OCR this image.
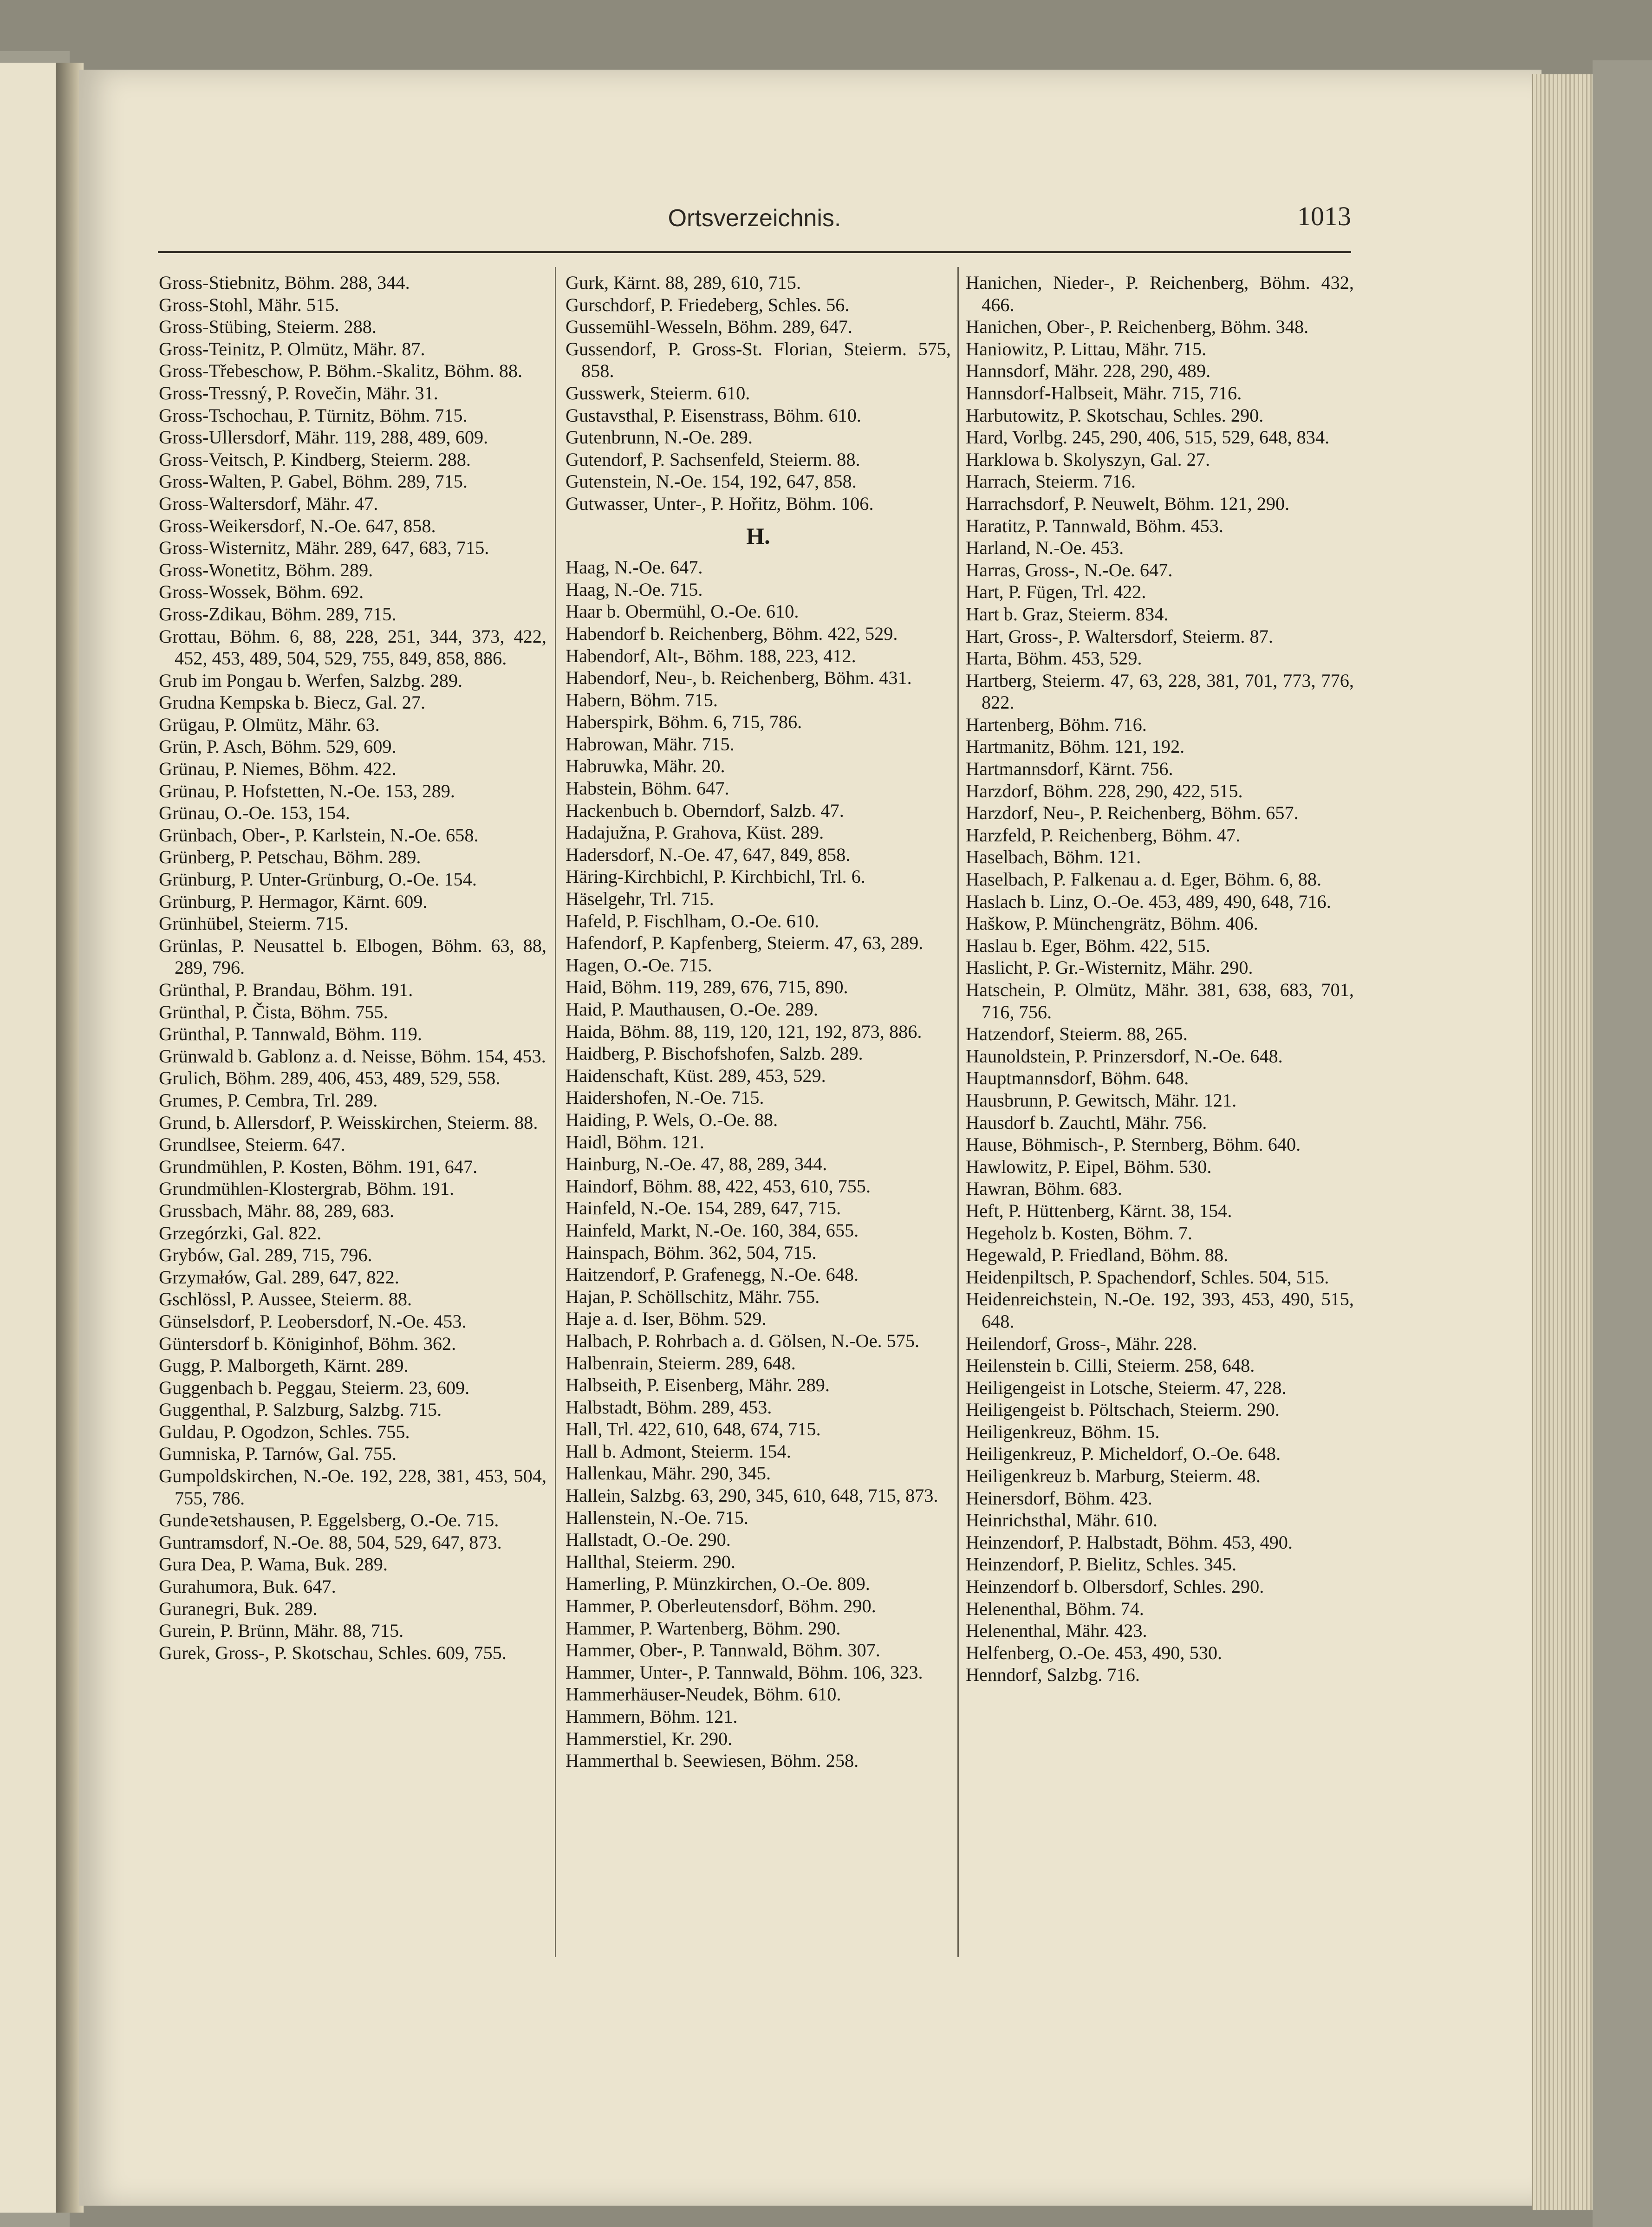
Ortsverzeichnis.	1013
Gross-Stiebnitz, Böhm. 288, 344.
Gross-Stohl, Mähr. 515.
Gross-Stübing, Steierm. 288.
Gross-Teinitz, P. Olmütz, Mähr. 87.
Gross-Třebeschow, P. Böhm.-Skalitz, Böhm. 88.
Gross-Tressný, P. Rovečin, Mähr. 31.
Gross-Tschochau, P. Türnitz, Böhm. 715.
Gross-Ullersdorf, Mähr. 119, 288, 489, 609.
Gross-Veitsch, P. Kindberg, Steierm. 288.
Gross-Walten, P. Gabel, Böhm. 289, 715.
Gross-Waltersdorf, Mähr. 47.
Gross-Weikersdorf, N.-Oe. 647, 858.
Gross-Wisternitz, Mähr. 289, 647, 683, 715.
Gross-Wonetitz, Böhm. 289.
Gross-Wossek, Böhm. 692.
Gross-Zdikau, Böhm. 289, 715.
Grottau, Böhm. 6, 88, 228, 251, 344, 373, 422, 452, 453, 489, 504, 529, 755, 849, 858, 886.
Grub im Pongau b. Werfen, Salzbg. 289.
Grudna Kempska b. Biecz, Gal. 27.
Grügau, P. Olmütz, Mähr. 63.
Grün, P. Asch, Böhm. 529, 609.
Grünau, P. Niemes, Böhm. 422.
Grünau, P. Hofstetten, N.-Oe. 153, 289.
Grünau, O.-Oe. 153, 154.
Grünbach, Ober-, P. Karlstein, N.-Oe. 658.
Grünberg, P. Petschau, Böhm. 289.
Grünburg, P. Unter-Grünburg, O.-Oe. 154.
Grünburg, P. Hermagor, Kärnt. 609.
Grünhübel, Steierm. 715.
Grünlas, P. Neusattel b. Elbogen, Böhm. 63, 88, 289, 796.
Grünthal, P. Brandau, Böhm. 191.
Grünthal, P. Čista, Böhm. 755.
Grünthal, P. Tannwald, Böhm. 119.
Grünwald b. Gablonz a. d. Neisse, Böhm. 154, 453.
Grulich, Böhm. 289, 406, 453, 489, 529, 558.
Grumes, P. Cembra, Trl. 289.
Grund, b. Allersdorf, P. Weisskirchen, Steierm. 88.
Grundlsee, Steierm. 647.
Grundmühlen, P. Kosten, Böhm. 191, 647.
Grundmühlen-Klostergrab, Böhm. 191.
Grussbach, Mähr. 88, 289, 683.
Grzegórzki, Gal. 822.
Grybów, Gal. 289, 715, 796.
Grzymałów, Gal. 289, 647, 822.
Gschlössl, P. Aussee, Steierm. 88.
Günselsdorf, P. Leobersdorf, N.-Oe. 453.
Güntersdorf b. Königinhof, Böhm. 362.
Gugg, P. Malborgeth, Kärnt. 289.
Guggenbach b. Peggau, Steierm. 23, 609.
Guggenthal, P. Salzburg, Salzbg. 715.
Guldau, P. Ogodzon, Schles. 755.
Gumniska, P. Tarnów, Gal. 755.
Gumpoldskirchen, N.-Oe. 192, 228, 381, 453, 504, 755, 786.
Gundeꝛetshausen, P. Eggelsberg, O.-Oe. 715.
Guntramsdorf, N.-Oe. 88, 504, 529, 647, 873.
Gura Dea, P. Wama, Buk. 289.
Gurahumora, Buk. 647.
Guranegri, Buk. 289.
Gurein, P. Brünn, Mähr. 88, 715.
Gurek, Gross-, P. Skotschau, Schles. 609, 755.
Gurk, Kärnt. 88, 289, 610, 715.
Gurschdorf, P. Friedeberg, Schles. 56.
Gussemühl-Wesseln, Böhm. 289, 647.
Gussendorf, P. Gross-St. Florian, Steierm. 575, 858.
Gusswerk, Steierm. 610.
Gustavsthal, P. Eisenstrass, Böhm. 610.
Gutenbrunn, N.-Oe. 289.
Gutendorf, P. Sachsenfeld, Steierm. 88.
Gutenstein, N.-Oe. 154, 192, 647, 858.
Gutwasser, Unter-, P. Hořitz, Böhm. 106.
H.
Haag, N.-Oe. 647.
Haag, N.-Oe. 715.
Haar b. Obermühl, O.-Oe. 610.
Habendorf b. Reichenberg, Böhm. 422, 529.
Habendorf, Alt-, Böhm. 188, 223, 412.
Habendorf, Neu-, b. Reichenberg, Böhm. 431.
Habern, Böhm. 715.
Haberspirk, Böhm. 6, 715, 786.
Habrowan, Mähr. 715.
Habruwka, Mähr. 20.
Habstein, Böhm. 647.
Hackenbuch b. Oberndorf, Salzb. 47.
Hadajužna, P. Grahova, Küst. 289.
Hadersdorf, N.-Oe. 47, 647, 849, 858.
Häring-Kirchbichl, P. Kirchbichl, Trl. 6.
Häselgehr, Trl. 715.
Hafeld, P. Fischlham, O.-Oe. 610.
Hafendorf, P. Kapfenberg, Steierm. 47, 63, 289.
Hagen, O.-Oe. 715.
Haid, Böhm. 119, 289, 676, 715, 890.
Haid, P. Mauthausen, O.-Oe. 289.
Haida, Böhm. 88, 119, 120, 121, 192, 873, 886.
Haidberg, P. Bischofshofen, Salzb. 289.
Haidenschaft, Küst. 289, 453, 529.
Haidershofen, N.-Oe. 715.
Haiding, P. Wels, O.-Oe. 88.
Haidl, Böhm. 121.
Hainburg, N.-Oe. 47, 88, 289, 344.
Haindorf, Böhm. 88, 422, 453, 610, 755.
Hainfeld, N.-Oe. 154, 289, 647, 715.
Hainfeld, Markt, N.-Oe. 160, 384, 655.
Hainspach, Böhm. 362, 504, 715.
Haitzendorf, P. Grafenegg, N.-Oe. 648.
Hajan, P. Schöllschitz, Mähr. 755.
Haje a. d. Iser, Böhm. 529.
Halbach, P. Rohrbach a. d. Gölsen, N.-Oe. 575.
Halbenrain, Steierm. 289, 648.
Halbseith, P. Eisenberg, Mähr. 289.
Halbstadt, Böhm. 289, 453.
Hall, Trl. 422, 610, 648, 674, 715.
Hall b. Admont, Steierm. 154.
Hallenkau, Mähr. 290, 345.
Hallein, Salzbg. 63, 290, 345, 610, 648, 715, 873.
Hallenstein, N.-Oe. 715.
Hallstadt, O.-Oe. 290.
Hallthal, Steierm. 290.
Hamerling, P. Münzkirchen, O.-Oe. 809.
Hammer, P. Oberleutensdorf, Böhm. 290.
Hammer, P. Wartenberg, Böhm. 290.
Hammer, Ober-, P. Tannwald, Böhm. 307.
Hammer, Unter-, P. Tannwald, Böhm. 106, 323.
Hammerhäuser-Neudek, Böhm. 610.
Hammern, Böhm. 121.
Hammerstiel, Kr. 290.
Hammerthal b. Seewiesen, Böhm. 258.
Hanichen, Nieder-, P. Reichenberg, Böhm. 432, 466.
Hanichen, Ober-, P. Reichenberg, Böhm. 348.
Haniowitz, P. Littau, Mähr. 715.
Hannsdorf, Mähr. 228, 290, 489.
Hannsdorf-Halbseit, Mähr. 715, 716.
Harbutowitz, P. Skotschau, Schles. 290.
Hard, Vorlbg. 245, 290, 406, 515, 529, 648, 834.
Harklowa b. Skolyszyn, Gal. 27.
Harrach, Steierm. 716.
Harrachsdorf, P. Neuwelt, Böhm. 121, 290.
Haratitz, P. Tannwald, Böhm. 453.
Harland, N.-Oe. 453.
Harras, Gross-, N.-Oe. 647.
Hart, P. Fügen, Trl. 422.
Hart b. Graz, Steierm. 834.
Hart, Gross-, P. Waltersdorf, Steierm. 87.
Harta, Böhm. 453, 529.
Hartberg, Steierm. 47, 63, 228, 381, 701, 773, 776, 822.
Hartenberg, Böhm. 716.
Hartmanitz, Böhm. 121, 192.
Hartmannsdorf, Kärnt. 756.
Harzdorf, Böhm. 228, 290, 422, 515.
Harzdorf, Neu-, P. Reichenberg, Böhm. 657.
Harzfeld, P. Reichenberg, Böhm. 47.
Haselbach, Böhm. 121.
Haselbach, P. Falkenau a. d. Eger, Böhm. 6, 88.
Haslach b. Linz, O.-Oe. 453, 489, 490, 648, 716.
Haškow, P. Münchengrätz, Böhm. 406.
Haslau b. Eger, Böhm. 422, 515.
Haslicht, P. Gr.-Wisternitz, Mähr. 290.
Hatschein, P. Olmütz, Mähr. 381, 638, 683, 701, 716, 756.
Hatzendorf, Steierm. 88, 265.
Haunoldstein, P. Prinzersdorf, N.-Oe. 648.
Hauptmannsdorf, Böhm. 648.
Hausbrunn, P. Gewitsch, Mähr. 121.
Hausdorf b. Zauchtl, Mähr. 756.
Hause, Böhmisch-, P. Sternberg, Böhm. 640.
Hawlowitz, P. Eipel, Böhm. 530.
Hawran, Böhm. 683.
Heft, P. Hüttenberg, Kärnt. 38, 154.
Hegeholz b. Kosten, Böhm. 7.
Hegewald, P. Friedland, Böhm. 88.
Heidenpiltsch, P. Spachendorf, Schles. 504, 515.
Heidenreichstein, N.-Oe. 192, 393, 453, 490, 515, 648.
Heilendorf, Gross-, Mähr. 228.
Heilenstein b. Cilli, Steierm. 258, 648.
Heiligengeist in Lotsche, Steierm. 47, 228.
Heiligengeist b. Pöltschach, Steierm. 290.
Heiligenkreuz, Böhm. 15.
Heiligenkreuz, P. Micheldorf, O.-Oe. 648.
Heiligenkreuz b. Marburg, Steierm. 48.
Heinersdorf, Böhm. 423.
Heinrichsthal, Mähr. 610.
Heinzendorf, P. Halbstadt, Böhm. 453, 490.
Heinzendorf, P. Bielitz, Schles. 345.
Heinzendorf b. Olbersdorf, Schles. 290.
Helenenthal, Böhm. 74.
Helenenthal, Mähr. 423.
Helfenberg, O.-Oe. 453, 490, 530.
Henndorf, Salzbg. 716.
